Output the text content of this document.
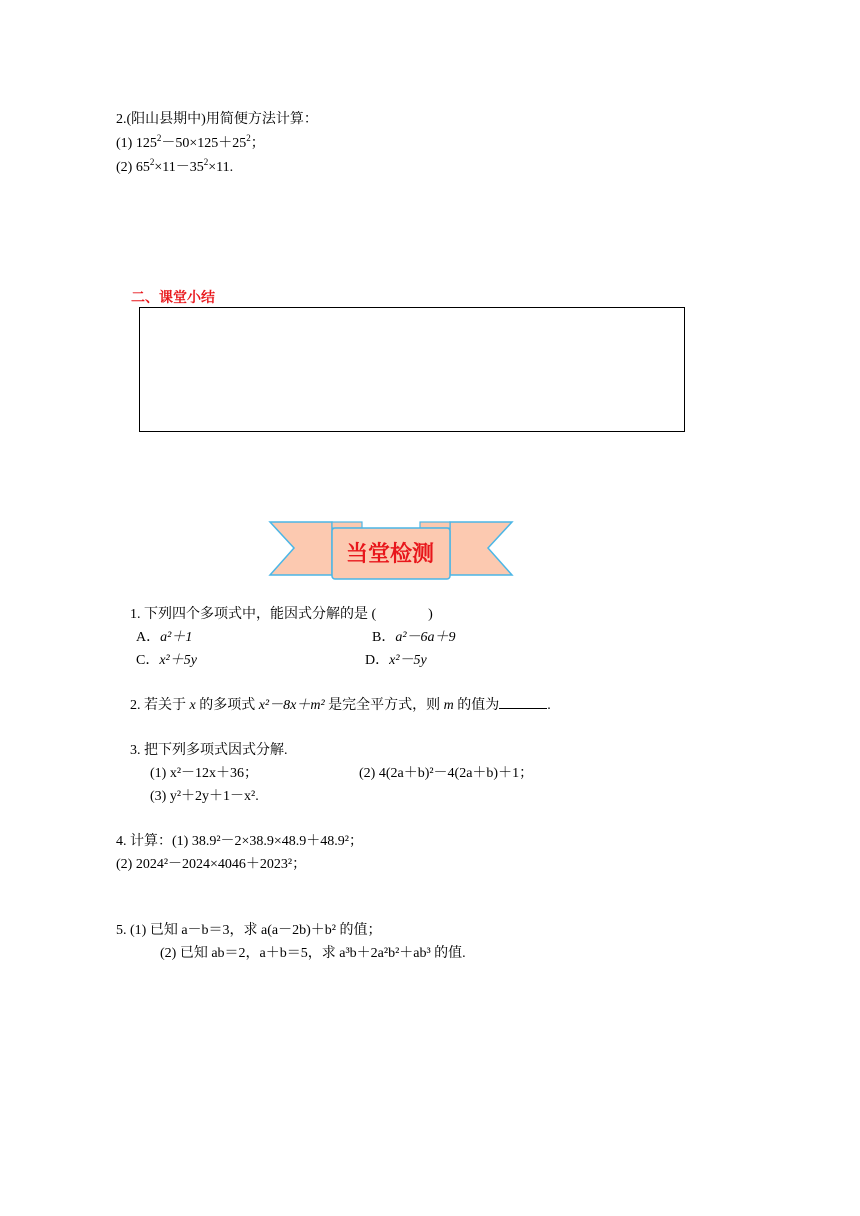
2.(阳山县期中)用简便方法计算：
(1) $125^2-50\times 125+25^2$；
(2) $65^2\times 11-35^2\times 11$.
二、课堂小结
当堂检测
1. 下列四个多项式中，能因式分解的是 (	)
A．a²＋1	B．a²－6a＋9
C．x²＋5y	D．x²－5y
2. 若关于 x 的多项式 x²－8x＋m² 是完全平方式，则 m 的值为	.
3. 把下列多项式因式分解.
(1) x²－12x＋36；	(2) 4(2a＋b)²－4(2a＋b)＋1；
(3) y²＋2y＋1－x².
4. 计算：(1) 38.9²－2×38.9×48.9＋48.9²；
(2) 2024²－2024×4046＋2023²；
5. (1) 已知 a－b＝3，求 a(a－2b)＋b² 的值；
(2) 已知 ab＝2，a＋b＝5，求 a³b＋2a²b²＋ab³ 的值.
